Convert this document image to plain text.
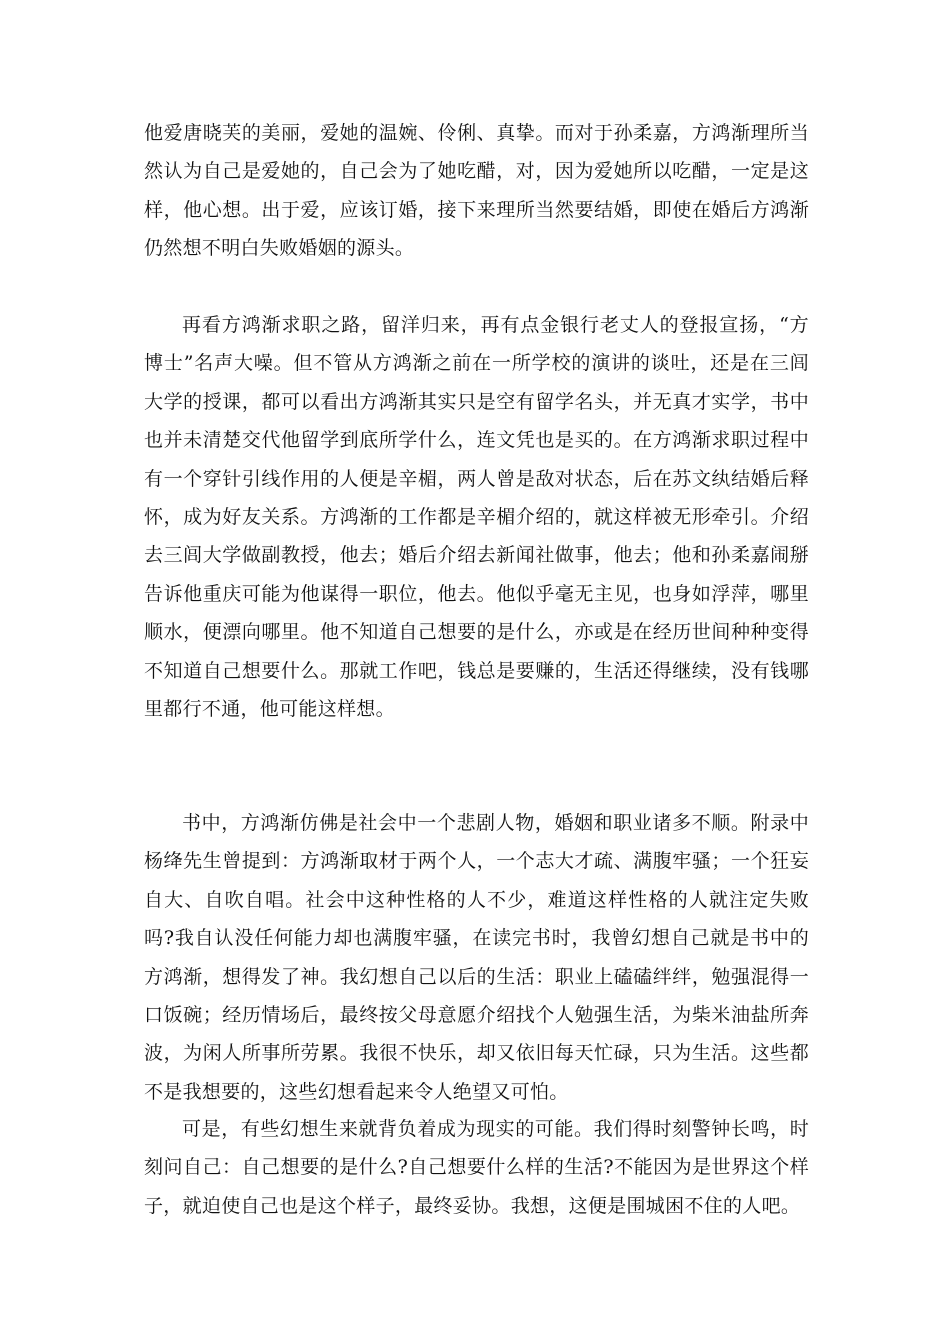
他爱唐晓芙的美丽，爱她的温婉、伶俐、真挚。而对于孙柔嘉，方鸿渐理所当然认为自己是爱她的，自己会为了她吃醋，对，因为爱她所以吃醋，一定是这样，他心想。出于爱，应该订婚，接下来理所当然要结婚，即使在婚后方鸿渐仍然想不明白失败婚姻的源头。

再看方鸿渐求职之路，留洋归来，再有点金银行老丈人的登报宣扬，“方博士”名声大噪。但不管从方鸿渐之前在一所学校的演讲的谈吐，还是在三闾大学的授课，都可以看出方鸿渐其实只是空有留学名头，并无真才实学，书中也并未清楚交代他留学到底所学什么，连文凭也是买的。在方鸿渐求职过程中有一个穿针引线作用的人便是辛楣，两人曾是敌对状态，后在苏文纨结婚后释怀，成为好友关系。方鸿渐的工作都是辛楣介绍的，就这样被无形牵引。介绍去三闾大学做副教授，他去；婚后介绍去新闻社做事，他去；他和孙柔嘉闹掰告诉他重庆可能为他谋得一职位，他去。他似乎毫无主见，也身如浮萍，哪里顺水，便漂向哪里。他不知道自己想要的是什么，亦或是在经历世间种种变得不知道自己想要什么。那就工作吧，钱总是要赚的，生活还得继续，没有钱哪里都行不通，他可能这样想。

书中，方鸿渐仿佛是社会中一个悲剧人物，婚姻和职业诸多不顺。附录中杨绛先生曾提到：方鸿渐取材于两个人，一个志大才疏、满腹牢骚；一个狂妄自大、自吹自唱。社会中这种性格的人不少，难道这样性格的人就注定失败吗?我自认没任何能力却也满腹牢骚，在读完书时，我曾幻想自己就是书中的方鸿渐，想得发了神。我幻想自己以后的生活：职业上磕磕绊绊，勉强混得一口饭碗；经历情场后，最终按父母意愿介绍找个人勉强生活，为柴米油盐所奔波，为闲人所事所劳累。我很不快乐，却又依旧每天忙碌，只为生活。这些都不是我想要的，这些幻想看起来令人绝望又可怕。

可是，有些幻想生来就背负着成为现实的可能。我们得时刻警钟长鸣，时刻问自己：自己想要的是什么?自己想要什么样的生活?不能因为是世界这个样子，就迫使自己也是这个样子，最终妥协。我想，这便是围城困不住的人吧。
